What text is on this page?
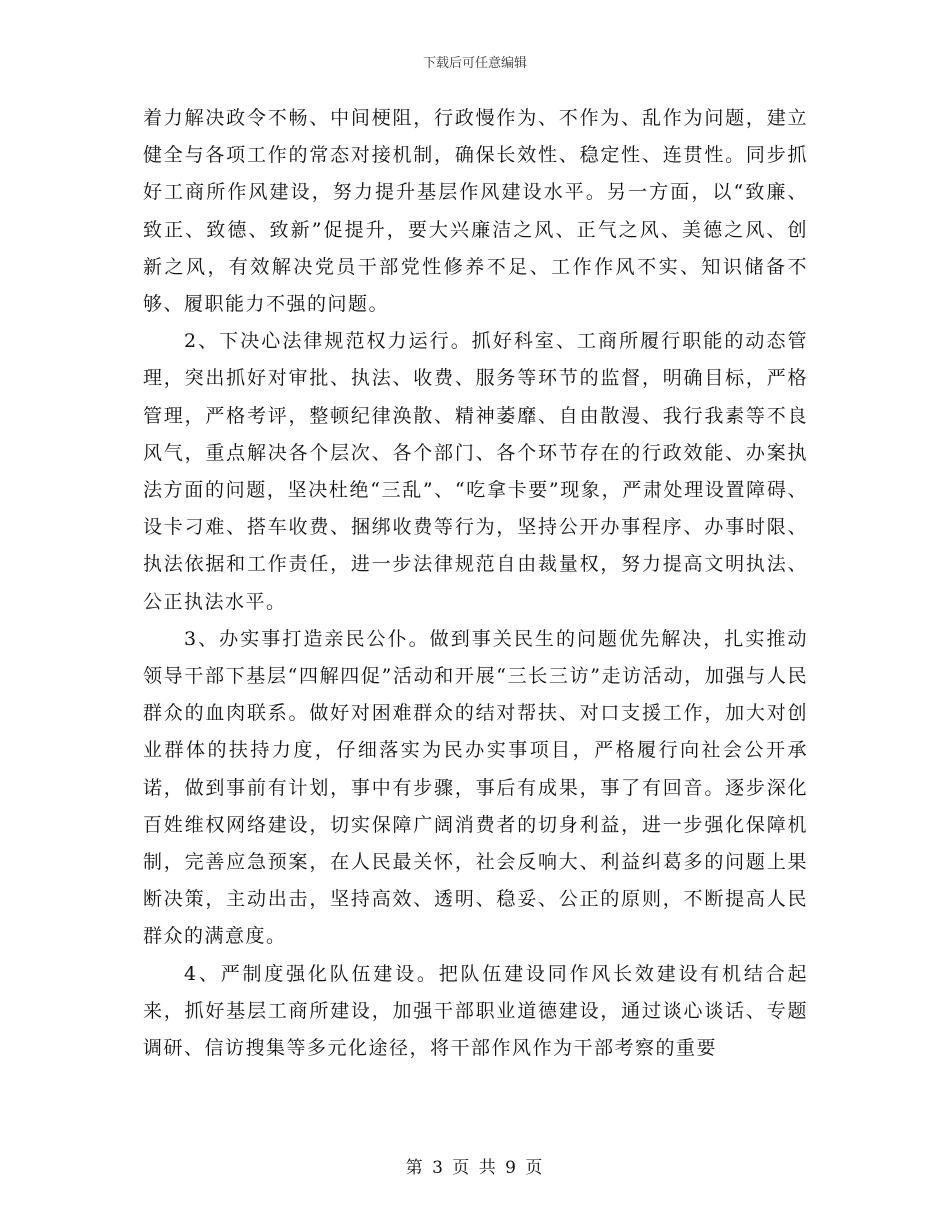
下载后可任意编辑

着力解决政令不畅、中间梗阻，行政慢作为、不作为、乱作为问题，建立健全与各项工作的常态对接机制，确保长效性、稳定性、连贯性。同步抓好工商所作风建设，努力提升基层作风建设水平。另一方面，以“致廉、致正、致德、致新”促提升，要大兴廉洁之风、正气之风、美德之风、创新之风，有效解决党员干部党性修养不足、工作作风不实、知识储备不够、履职能力不强的问题。

2、下决心法律规范权力运行。抓好科室、工商所履行职能的动态管理，突出抓好对审批、执法、收费、服务等环节的监督，明确目标，严格管理，严格考评，整顿纪律涣散、精神萎靡、自由散漫、我行我素等不良风气，重点解决各个层次、各个部门、各个环节存在的行政效能、办案执法方面的问题，坚决杜绝“三乱”、“吃拿卡要”现象，严肃处理设置障碍、设卡刁难、搭车收费、捆绑收费等行为，坚持公开办事程序、办事时限、执法依据和工作责任，进一步法律规范自由裁量权，努力提高文明执法、公正执法水平。

3、办实事打造亲民公仆。做到事关民生的问题优先解决，扎实推动领导干部下基层“四解四促”活动和开展“三长三访”走访活动，加强与人民群众的血肉联系。做好对困难群众的结对帮扶、对口支援工作，加大对创业群体的扶持力度，仔细落实为民办实事项目，严格履行向社会公开承诺，做到事前有计划，事中有步骤，事后有成果，事了有回音。逐步深化百姓维权网络建设，切实保障广阔消费者的切身利益，进一步强化保障机制，完善应急预案，在人民最关怀，社会反响大、利益纠葛多的问题上果断决策，主动出击，坚持高效、透明、稳妥、公正的原则，不断提高人民群众的满意度。

4、严制度强化队伍建设。把队伍建设同作风长效建设有机结合起来，抓好基层工商所建设，加强干部职业道德建设，通过谈心谈话、专题调研、信访搜集等多元化途径，将干部作风作为干部考察的重要

第 3 页 共 9 页
